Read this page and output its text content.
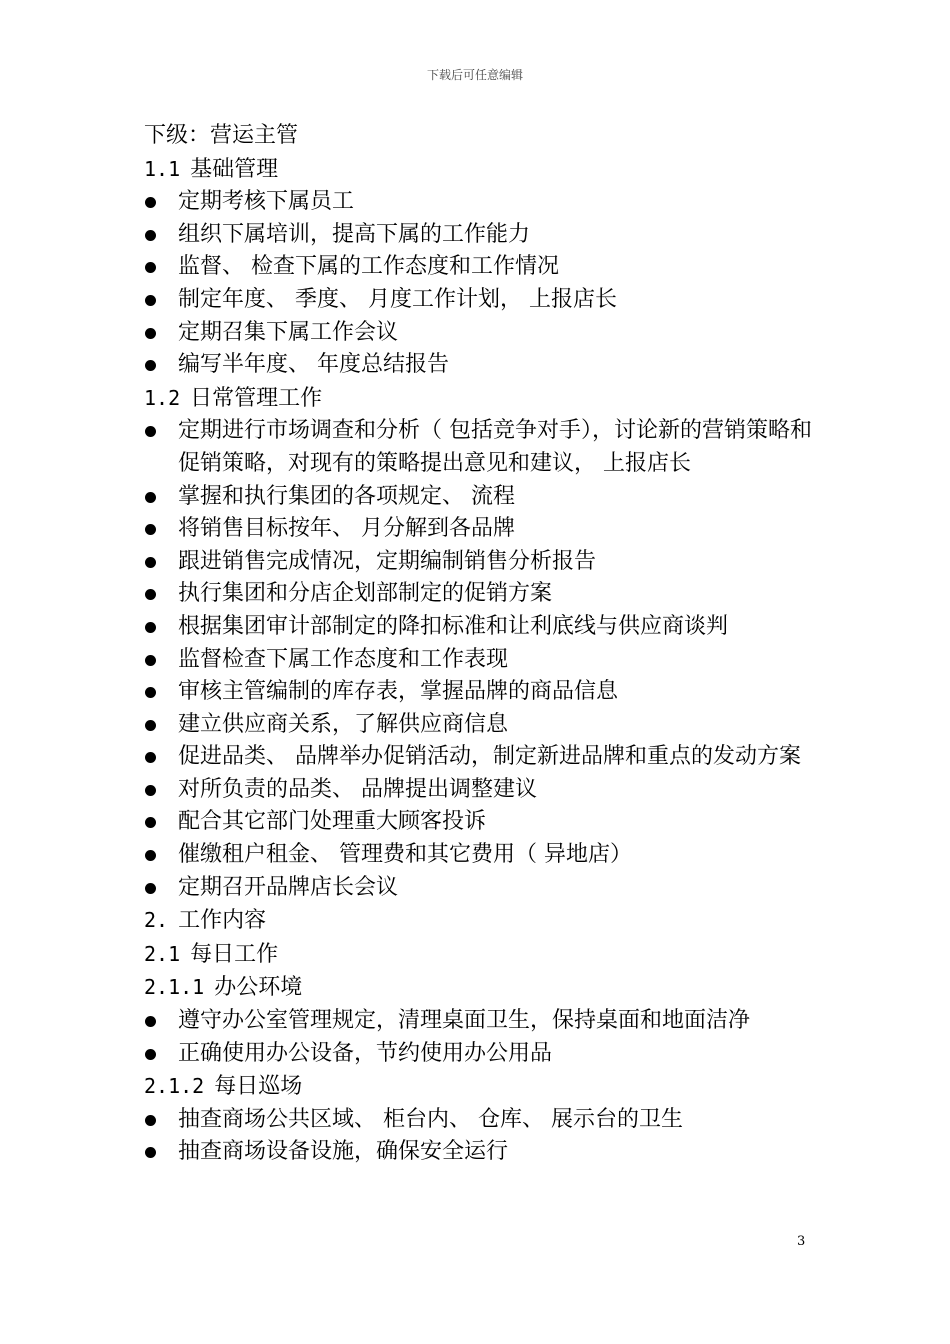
下载后可任意编辑
下级：营运主管
1.1 基础管理
定期考核下属员工
组织下属培训，提高下属的工作能力
监督、 检查下属的工作态度和工作情况
制定年度、 季度、 月度工作计划， 上报店长
定期召集下属工作会议
编写半年度、 年度总结报告
1.2 日常管理工作
定期进行市场调查和分析（ 包括竞争对手），讨论新的营销策略和促销策略，对现有的策略提出意见和建议， 上报店长
掌握和执行集团的各项规定、 流程
将销售目标按年、 月分解到各品牌
跟进销售完成情况，定期编制销售分析报告
执行集团和分店企划部制定的促销方案
根据集团审计部制定的降扣标准和让利底线与供应商谈判
监督检查下属工作态度和工作表现
审核主管编制的库存表，掌握品牌的商品信息
建立供应商关系，了解供应商信息
促进品类、 品牌举办促销活动，制定新进品牌和重点的发动方案
对所负责的品类、 品牌提出调整建议
配合其它部门处理重大顾客投诉
催缴租户租金、 管理费和其它费用（ 异地店）
定期召开品牌店长会议
2. 工作内容
2.1 每日工作
2.1.1 办公环境
遵守办公室管理规定，清理桌面卫生，保持桌面和地面洁净
正确使用办公设备，节约使用办公用品
2.1.2 每日巡场
抽查商场公共区域、 柜台内、 仓库、 展示台的卫生
抽查商场设备设施，确保安全运行
3
